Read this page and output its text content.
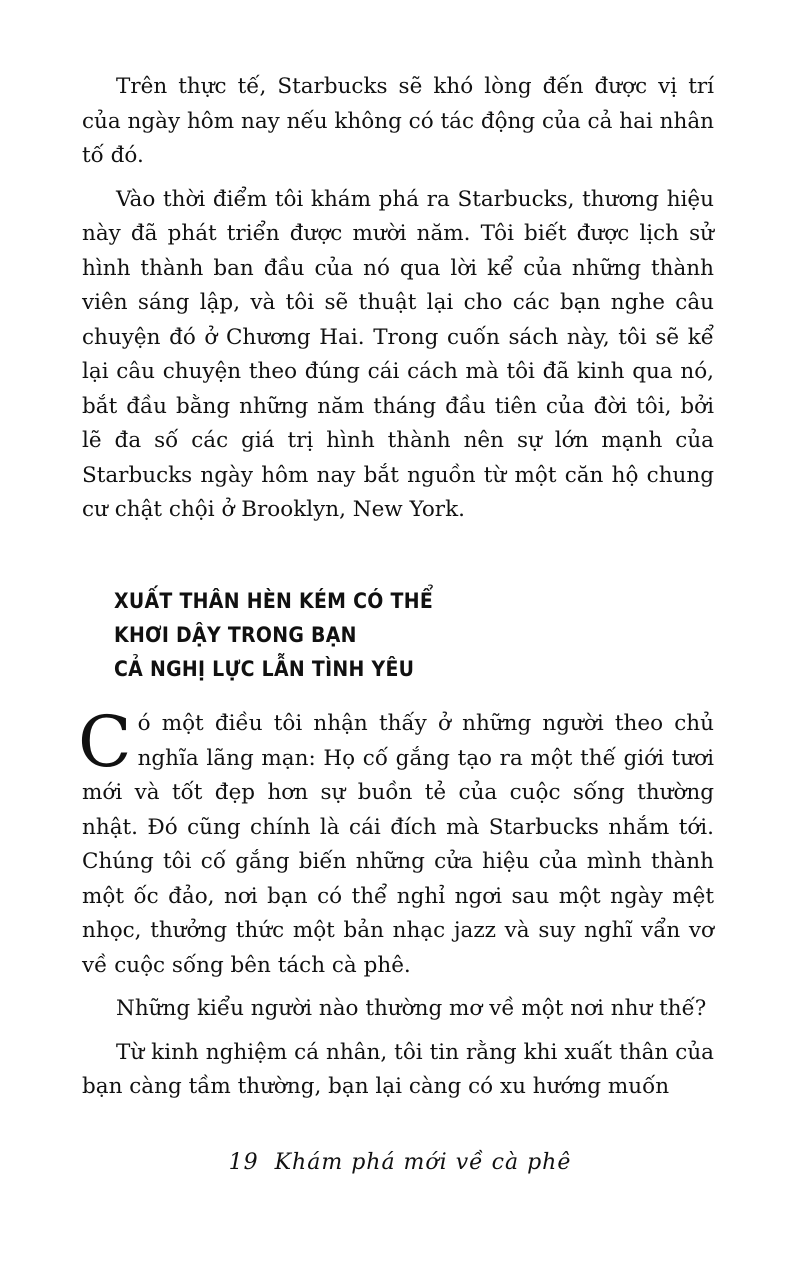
Trên thực tế, Starbucks sẽ khó lòng đến được vị trí của ngày hôm nay nếu không có tác động của cả hai nhân tố đó.

Vào thời điểm tôi khám phá ra Starbucks, thương hiệu này đã phát triển được mười năm. Tôi biết được lịch sử hình thành ban đầu của nó qua lời kể của những thành viên sáng lập, và tôi sẽ thuật lại cho các bạn nghe câu chuyện đó ở Chương Hai. Trong cuốn sách này, tôi sẽ kể lại câu chuyện theo đúng cái cách mà tôi đã kinh qua nó, bắt đầu bằng những năm tháng đầu tiên của đời tôi, bởi lẽ đa số các giá trị hình thành nên sự lớn mạnh của Starbucks ngày hôm nay bắt nguồn từ một căn hộ chung cư chật chội ở Brooklyn, New York.

XUẤT THÂN HÈN KÉM CÓ THỂ
KHƠI DẬY TRONG BẠN
CẢ NGHỊ LỰC LẪN TÌNH YÊU

Có một điều tôi nhận thấy ở những người theo chủ nghĩa lãng mạn: Họ cố gắng tạo ra một thế giới tươi mới và tốt đẹp hơn sự buồn tẻ của cuộc sống thường nhật. Đó cũng chính là cái đích mà Starbucks nhắm tới. Chúng tôi cố gắng biến những cửa hiệu của mình thành một ốc đảo, nơi bạn có thể nghỉ ngơi sau một ngày mệt nhọc, thưởng thức một bản nhạc jazz và suy nghĩ vẩn vơ về cuộc sống bên tách cà phê.

Những kiểu người nào thường mơ về một nơi như thế?

Từ kinh nghiệm cá nhân, tôi tin rằng khi xuất thân của bạn càng tầm thường, bạn lại càng có xu hướng muốn

19 Khám phá mới về cà phê
